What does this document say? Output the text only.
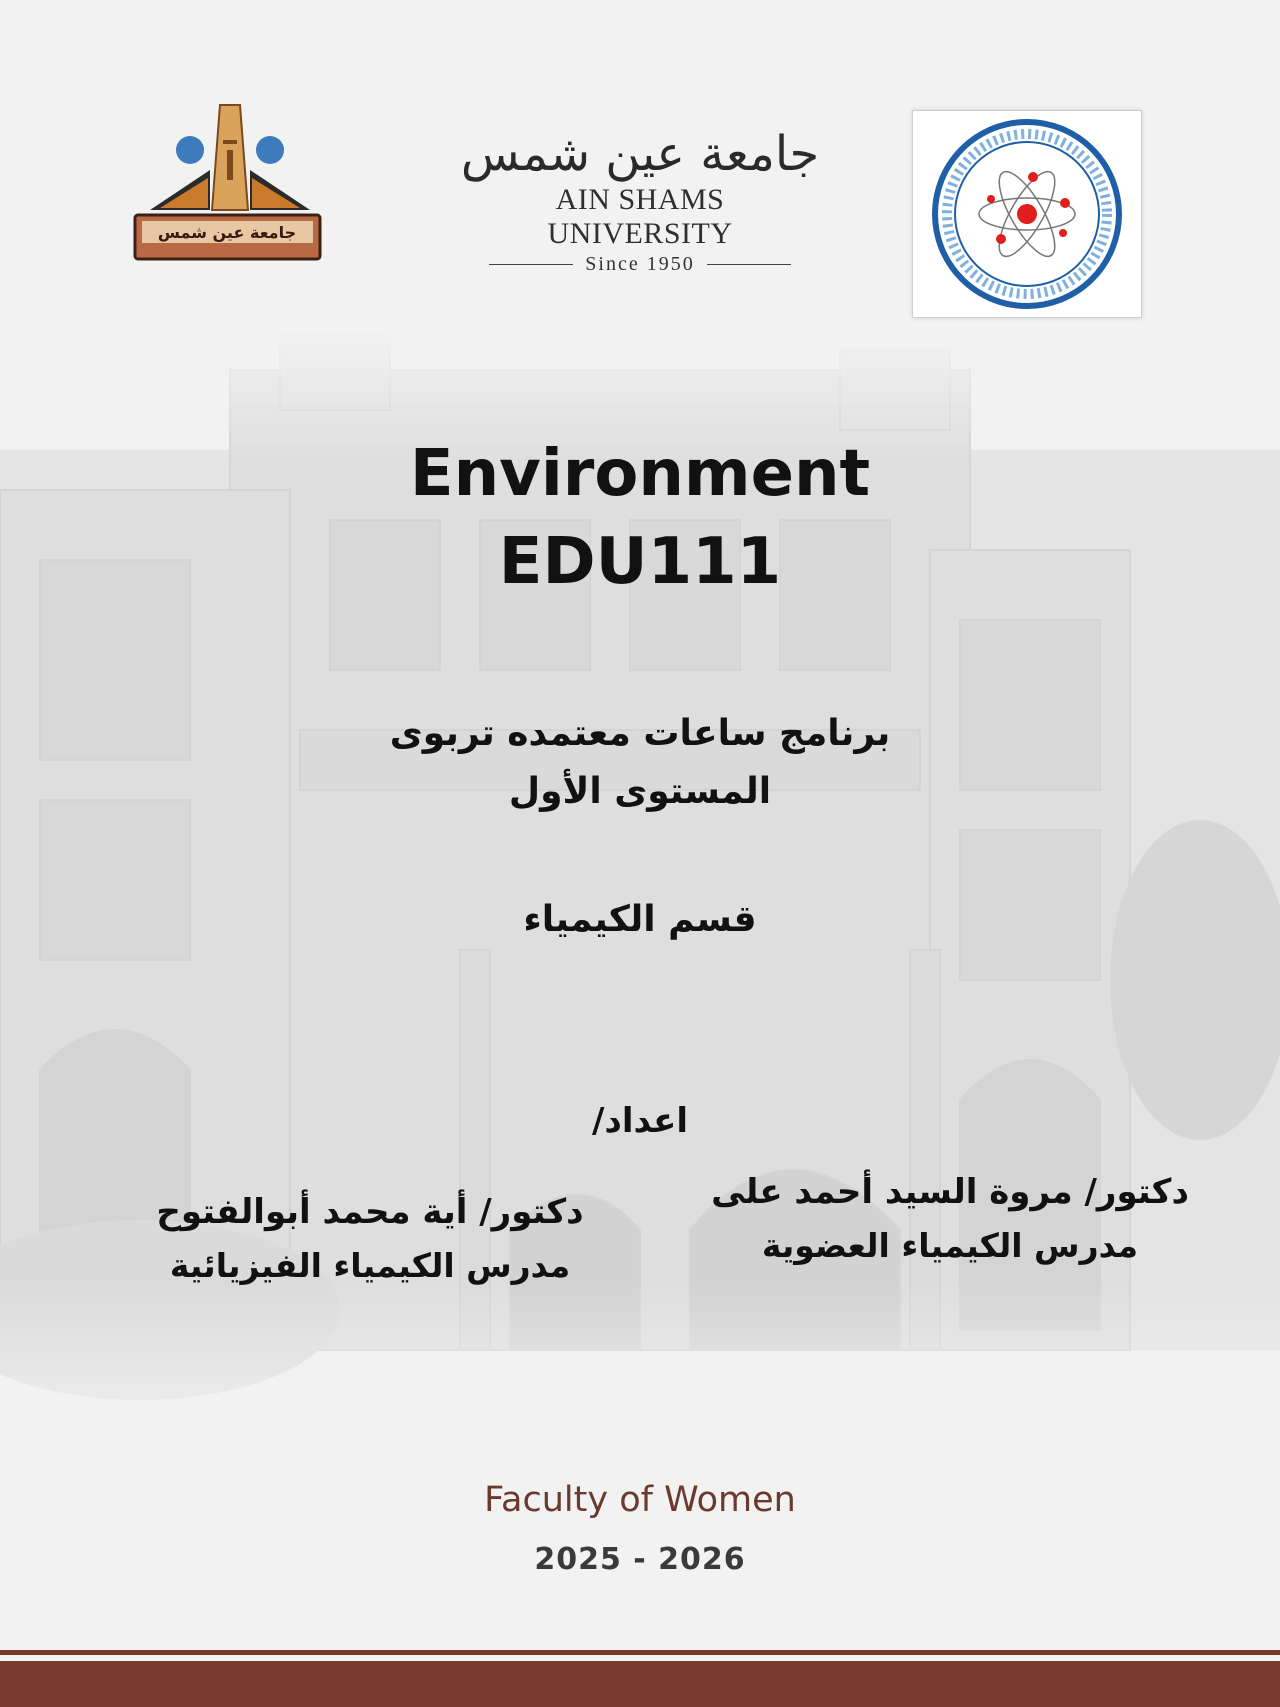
جامعة عين شمس
جامعة عين شمس
AIN SHAMS UNIVERSITY
Since 1950
Environment
EDU111
برنامج ساعات معتمده تربوى
المستوى الأول
قسم الكيمياء
اعداد/
دكتور/ مروة السيد أحمد على
مدرس الكيمياء العضوية
دكتور/ أية محمد أبوالفتوح
مدرس الكيمياء الفيزيائية
Faculty of Women
2025 - 2026
